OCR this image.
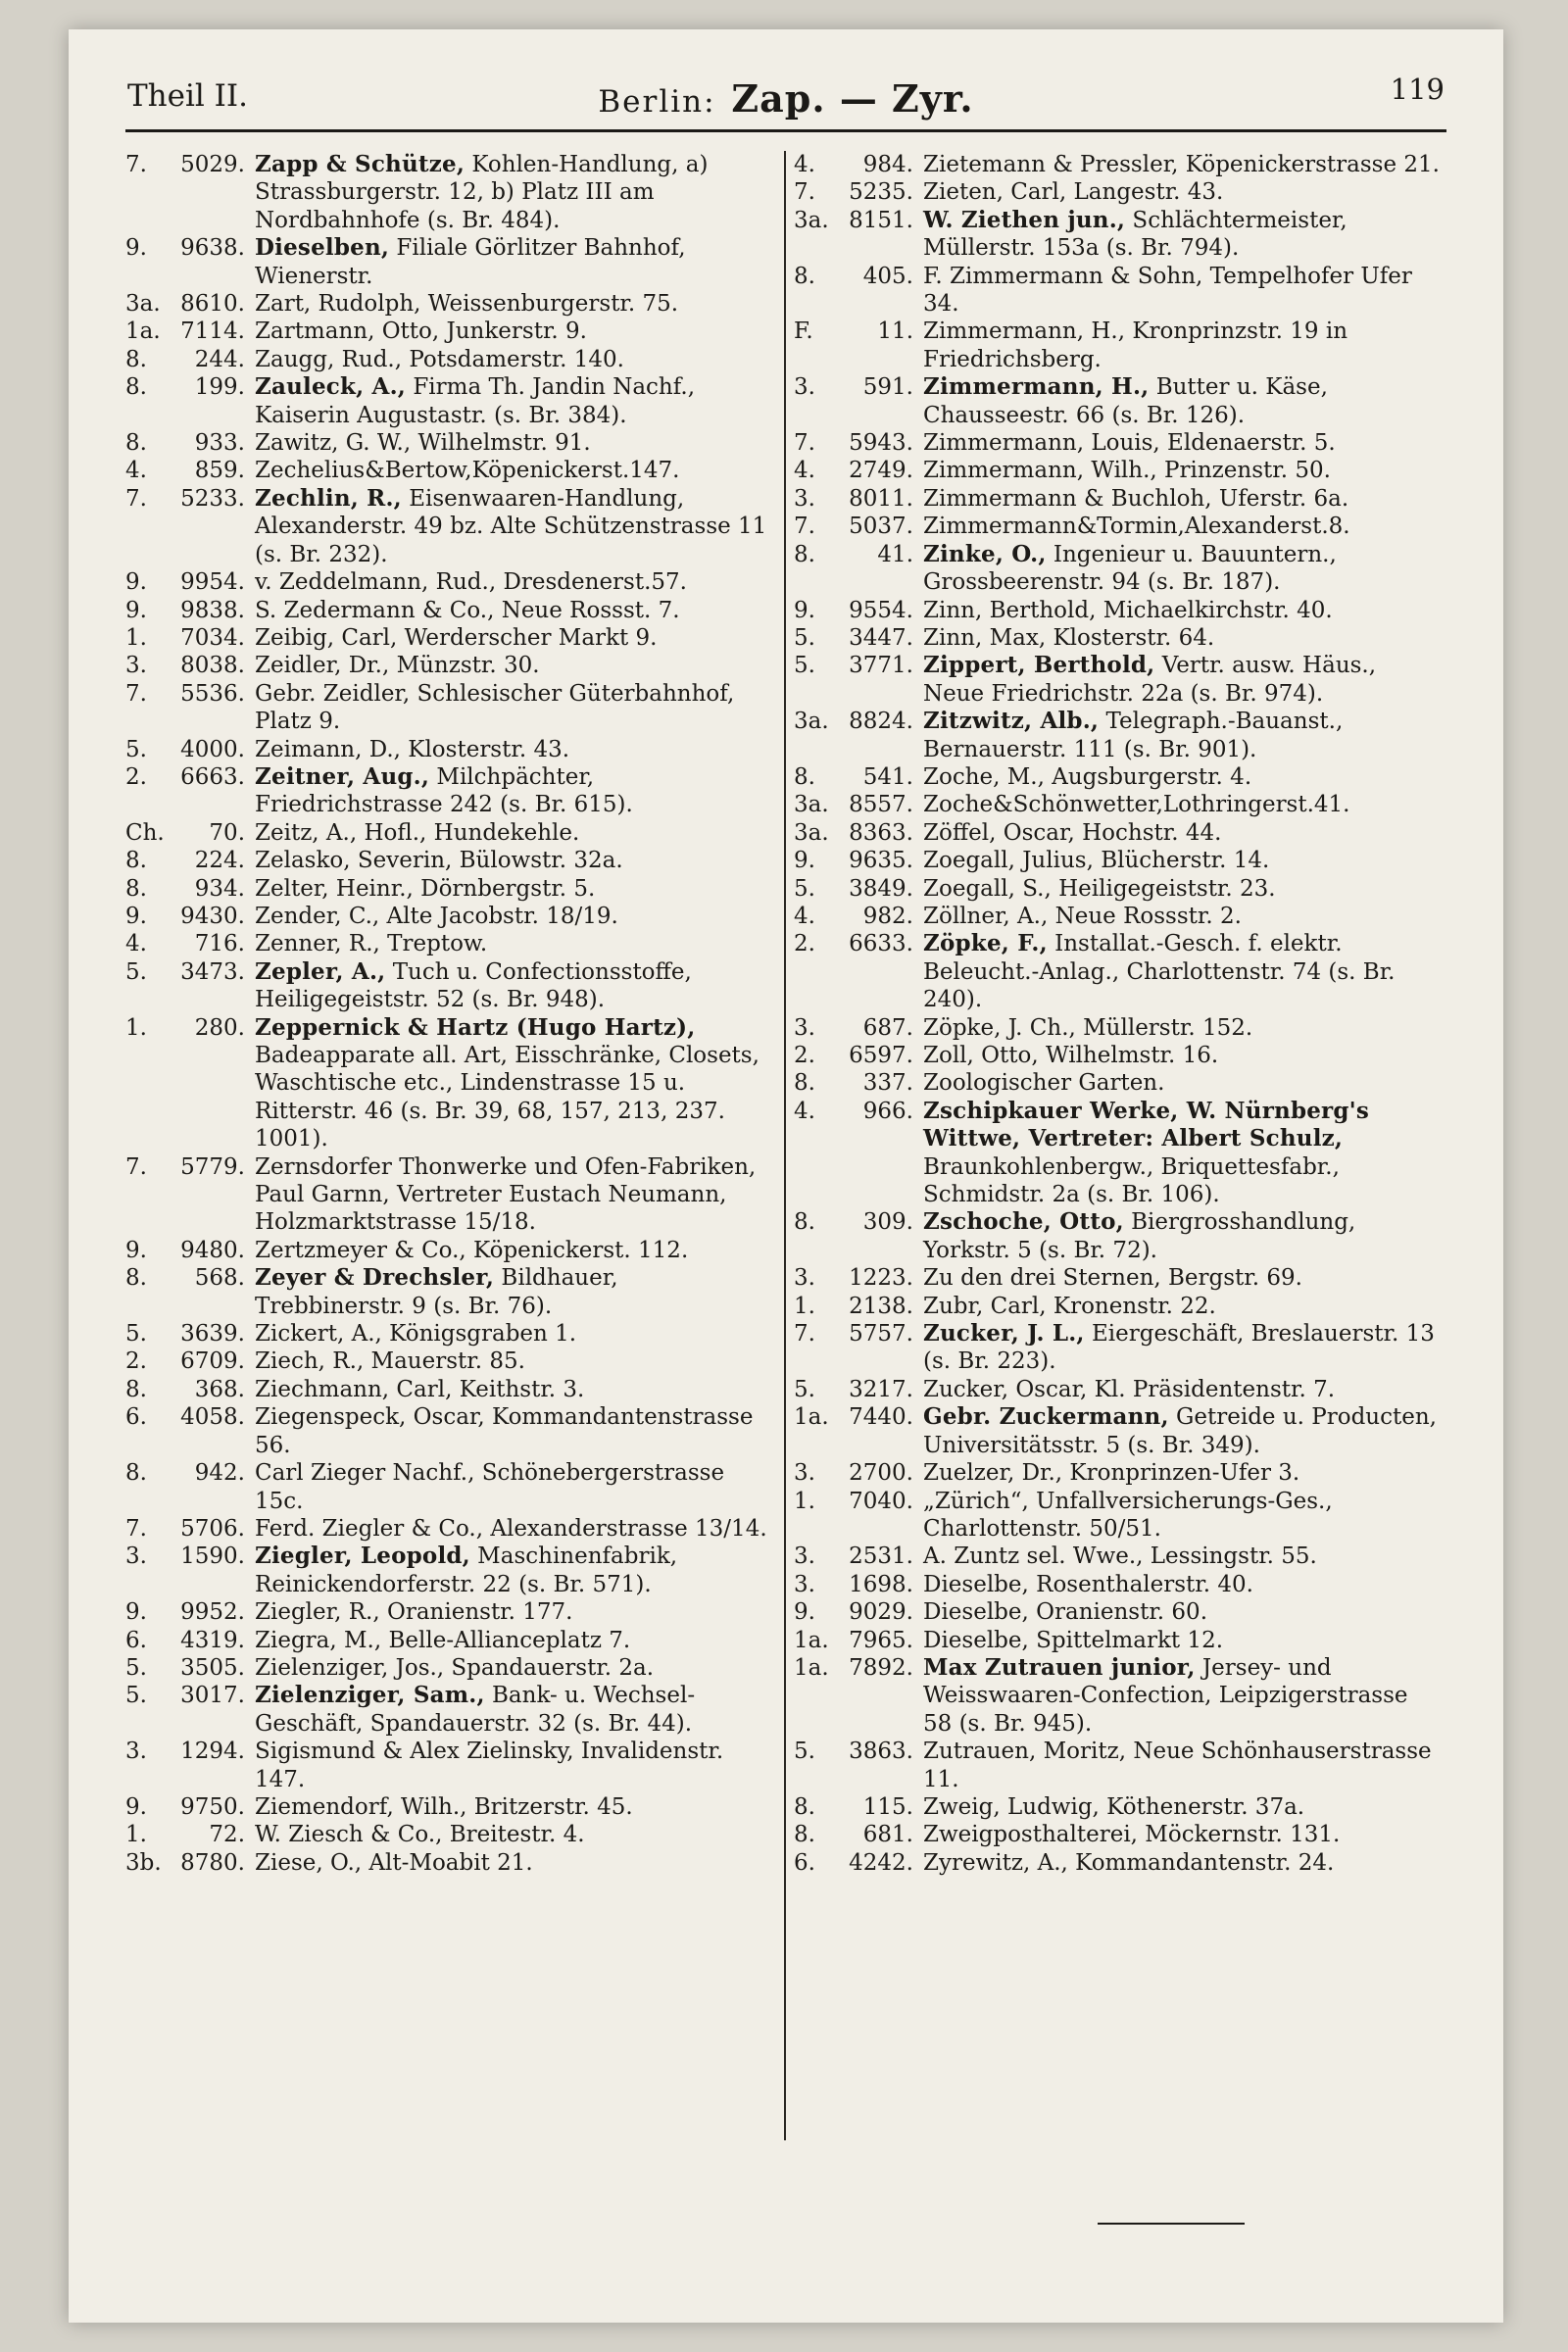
Theil II.	Berlin: Zap. — Zyr.	119
7.	5029. Zapp & Schütze, Kohlen-Handlung, a) Strassburgerstr. 12, b) Platz III am Nordbahnhofe (s. Br. 484).
9.	9638. Dieselben, Filiale Görlitzer Bahnhof, Wienerstr.
3a. 8610. Zart, Rudolph, Weissenburgerstr. 75.
1a. 7114. Zartmann, Otto, Junkerstr. 9.
8.	244. Zaugg, Rud., Potsdamerstr. 140.
8.	199. Zauleck, A., Firma Th. Jandin Nachf., Kaiserin Augustastr. (s. Br. 384).
8.	933. Zawitz, G. W., Wilhelmstr. 91.
4.	859. Zechelius&Bertow,Köpenickerst.147.
7.	5233. Zechlin, R., Eisenwaaren-Handlung, Alexanderstr. 49 bz. Alte Schützenstrasse 11 (s. Br. 232).
9.	9954. v. Zeddelmann, Rud., Dresdenerst.57.
9.	9838. S. Zedermann & Co., Neue Rossst. 7.
1.	7034. Zeibig, Carl, Werderscher Markt 9.
3.	8038. Zeidler, Dr., Münzstr. 30.
7.	5536. Gebr. Zeidler, Schlesischer Güterbahnhof, Platz 9.
5.	4000. Zeimann, D., Klosterstr. 43.
2.	6663. Zeitner, Aug., Milchpächter, Friedrichstrasse 242 (s. Br. 615).
Ch.	70. Zeitz, A., Hofl., Hundekehle.
8.	224. Zelasko, Severin, Bülowstr. 32a.
8.	934. Zelter, Heinr., Dörnbergstr. 5.
9.	9430. Zender, C., Alte Jacobstr. 18/19.
4.	716. Zenner, R., Treptow.
5.	3473. Zepler, A., Tuch u. Confectionsstoffe, Heiligegeiststr. 52 (s. Br. 948).
1.	280. Zeppernick & Hartz (Hugo Hartz), Badeapparate all. Art, Eisschränke, Closets, Waschtische etc., Lindenstrasse 15 u. Ritterstr. 46 (s. Br. 39, 68, 157, 213, 237. 1001).
7.	5779. Zernsdorfer Thonwerke und Ofen-Fabriken, Paul Garnn, Vertreter Eustach Neumann, Holzmarktstrasse 15/18.
9.	9480. Zertzmeyer & Co., Köpenickerst. 112.
8.	568. Zeyer & Drechsler, Bildhauer, Trebbinerstr. 9 (s. Br. 76).
5.	3639. Zickert, A., Königsgraben 1.
2.	6709. Ziech, R., Mauerstr. 85.
8.	368. Ziechmann, Carl, Keithstr. 3.
6.	4058. Ziegenspeck, Oscar, Kommandantenstrasse 56.
8.	942. Carl Zieger Nachf., Schönebergerstrasse 15c.
7.	5706. Ferd. Ziegler & Co., Alexanderstrasse 13/14.
3.	1590. Ziegler, Leopold, Maschinenfabrik, Reinickendorferstr. 22 (s. Br. 571).
9.	9952. Ziegler, R., Oranienstr. 177.
6.	4319. Ziegra, M., Belle-Allianceplatz 7.
5.	3505. Zielenziger, Jos., Spandauerstr. 2a.
5.	3017. Zielenziger, Sam., Bank- u. Wechsel-Geschäft, Spandauerstr. 32 (s. Br. 44).
3.	1294. Sigismund & Alex Zielinsky, Invalidenstr. 147.
9.	9750. Ziemendorf, Wilh., Britzerstr. 45.
1.	72. W. Ziesch & Co., Breitestr. 4.
3b. 8780. Ziese, O., Alt-Moabit 21.
4.	984. Zietemann & Pressler, Köpenickerstrasse 21.
7.	5235. Zieten, Carl, Langestr. 43.
3a. 8151. W. Ziethen jun., Schlächtermeister, Müllerstr. 153a (s. Br. 794).
8.	405. F. Zimmermann & Sohn, Tempelhofer Ufer 34.
F.	11. Zimmermann, H., Kronprinzstr. 19 in Friedrichsberg.
3.	591. Zimmermann, H., Butter u. Käse, Chausseestr. 66 (s. Br. 126).
7.	5943. Zimmermann, Louis, Eldenaerstr. 5.
4.	2749. Zimmermann, Wilh., Prinzenstr. 50.
3.	8011. Zimmermann & Buchloh, Uferstr. 6a.
7.	5037. Zimmermann&Tormin,Alexanderst.8.
8.	41. Zinke, O., Ingenieur u. Bauuntern., Grossbeerenstr. 94 (s. Br. 187).
9.	9554. Zinn, Berthold, Michaelkirchstr. 40.
5.	3447. Zinn, Max, Klosterstr. 64.
5.	3771. Zippert, Berthold, Vertr. ausw. Häus., Neue Friedrichstr. 22a (s. Br. 974).
3a. 8824. Zitzwitz, Alb., Telegraph.-Bauanst., Bernauerstr. 111 (s. Br. 901).
8.	541. Zoche, M., Augsburgerstr. 4.
3a. 8557. Zoche&Schönwetter,Lothringerst.41.
3a. 8363. Zöffel, Oscar, Hochstr. 44.
9.	9635. Zoegall, Julius, Blücherstr. 14.
5.	3849. Zoegall, S., Heiligegeiststr. 23.
4.	982. Zöllner, A., Neue Rossstr. 2.
2.	6633. Zöpke, F., Installat.-Gesch. f. elektr. Beleucht.-Anlag., Charlottenstr. 74 (s. Br. 240).
3.	687. Zöpke, J. Ch., Müllerstr. 152.
2.	6597. Zoll, Otto, Wilhelmstr. 16.
8.	337. Zoologischer Garten.
4.	966. Zschipkauer Werke, W. Nürnberg's Wittwe, Vertreter: Albert Schulz, Braunkohlenbergw., Briquettesfabr., Schmidstr. 2a (s. Br. 106).
8.	309. Zschoche, Otto, Biergrosshandlung, Yorkstr. 5 (s. Br. 72).
3.	1223. Zu den drei Sternen, Bergstr. 69.
1.	2138. Zubr, Carl, Kronenstr. 22.
7.	5757. Zucker, J. L., Eiergeschäft, Breslauerstr. 13 (s. Br. 223).
5.	3217. Zucker, Oscar, Kl. Präsidentenstr. 7.
1a. 7440. Gebr. Zuckermann, Getreide u. Producten, Universitätsstr. 5 (s. Br. 349).
3.	2700. Zuelzer, Dr., Kronprinzen-Ufer 3.
1.	7040. „Zürich“, Unfallversicherungs-Ges., Charlottenstr. 50/51.
3.	2531. A. Zuntz sel. Wwe., Lessingstr. 55.
3.	1698. Dieselbe, Rosenthalerstr. 40.
9.	9029. Dieselbe, Oranienstr. 60.
1a. 7965. Dieselbe, Spittelmarkt 12.
1a. 7892. Max Zutrauen junior, Jersey- und Weisswaaren-Confection, Leipzigerstrasse 58 (s. Br. 945).
5.	3863. Zutrauen, Moritz, Neue Schönhauserstrasse 11.
8.	115. Zweig, Ludwig, Köthenerstr. 37a.
8.	681. Zweigposthalterei, Möckernstr. 131.
6.	4242. Zyrewitz, A., Kommandantenstr. 24.
